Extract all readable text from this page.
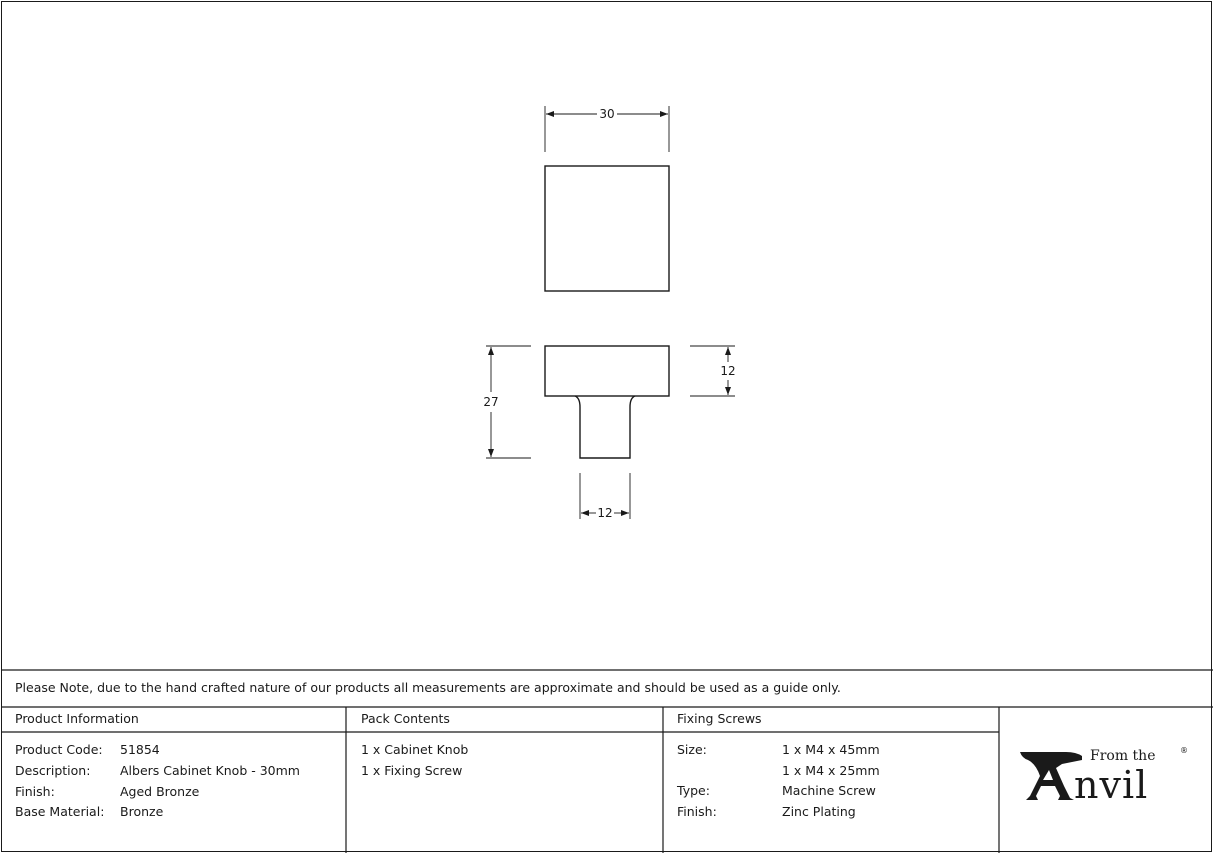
30
27
12
12
Please Note, due to the hand crafted nature of our products all measurements are approximate and should be used as a guide only.
Product Information
Product Code: 51854
Description: Albers Cabinet Knob - 30mm
Finish:	Aged Bronze
Base Material: Bronze
Pack Contents
1 x Cabinet Knob
1 x Fixing Screw
Fixing Screws
Size:	1 x M4 x 45mm
1 x M4 x 25mm
Type:	Machine Screw
Finish:	Zinc Plating
nvil
From the	®
